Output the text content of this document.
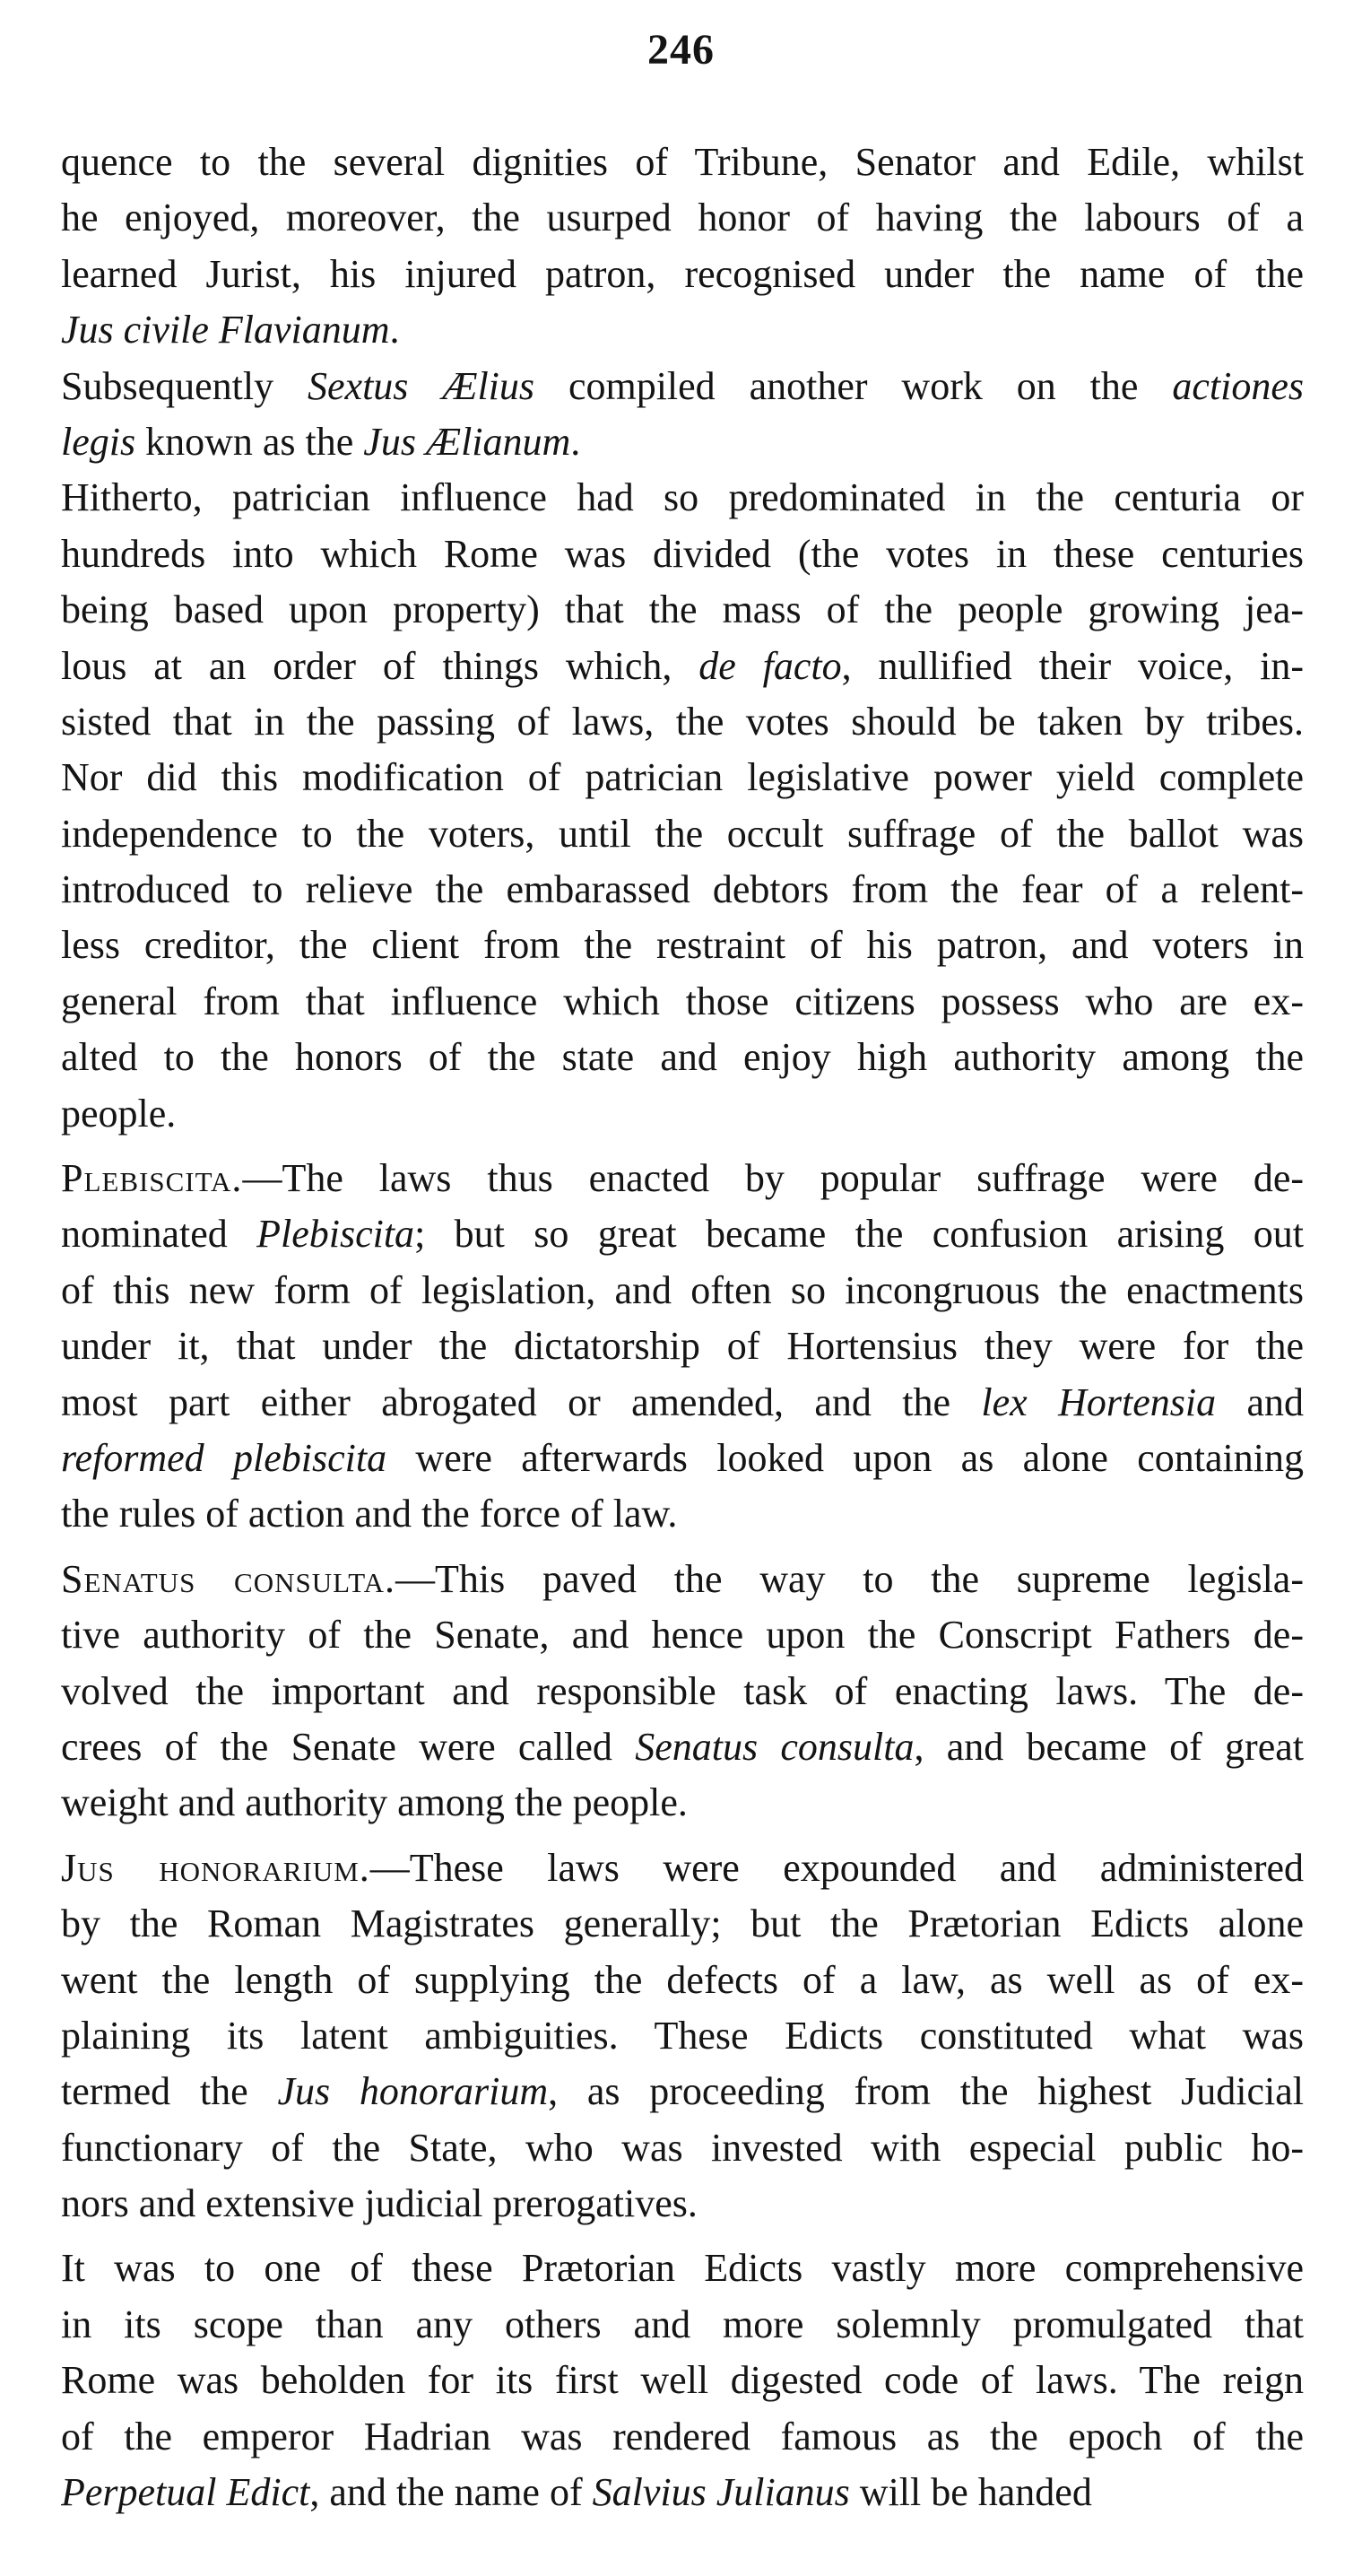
246
quence to the several dignities of Tribune, Senator and Edile, whilst
he enjoyed, moreover, the usurped honor of having the labours of a
learned Jurist, his injured patron, recognised under the name of the
Jus civile Flavianum.
Subsequently Sextus Ælius compiled another work on the actiones
legis known as the Jus Ælianum.
Hitherto, patrician influence had so predominated in the centuria or
hundreds into which Rome was divided (the votes in these centuries
being based upon property) that the mass of the people growing jea-
lous at an order of things which, de facto, nullified their voice, in-
sisted that in the passing of laws, the votes should be taken by tribes.
Nor did this modification of patrician legislative power yield complete
independence to the voters, until the occult suffrage of the ballot was
introduced to relieve the embarassed debtors from the fear of a relent-
less creditor, the client from the restraint of his patron, and voters in
general from that influence which those citizens possess who are ex-
alted to the honors of the state and enjoy high authority among the
people.
Plebiscita.—The laws thus enacted by popular suffrage were de-
nominated Plebiscita; but so great became the confusion arising out
of this new form of legislation, and often so incongruous the enactments
under it, that under the dictatorship of Hortensius they were for the
most part either abrogated or amended, and the lex Hortensia and
reformed plebiscita were afterwards looked upon as alone containing
the rules of action and the force of law.
Senatus consulta.—This paved the way to the supreme legisla-
tive authority of the Senate, and hence upon the Conscript Fathers de-
volved the important and responsible task of enacting laws. The de-
crees of the Senate were called Senatus consulta, and became of great
weight and authority among the people.
Jus honorarium.—These laws were expounded and administered
by the Roman Magistrates generally; but the Prætorian Edicts alone
went the length of supplying the defects of a law, as well as of ex-
plaining its latent ambiguities. These Edicts constituted what was
termed the Jus honorarium, as proceeding from the highest Judicial
functionary of the State, who was invested with especial public ho-
nors and extensive judicial prerogatives.
It was to one of these Prætorian Edicts vastly more comprehensive
in its scope than any others and more solemnly promulgated that
Rome was beholden for its first well digested code of laws. The reign
of the emperor Hadrian was rendered famous as the epoch of the
Perpetual Edict, and the name of Salvius Julianus will be handed
